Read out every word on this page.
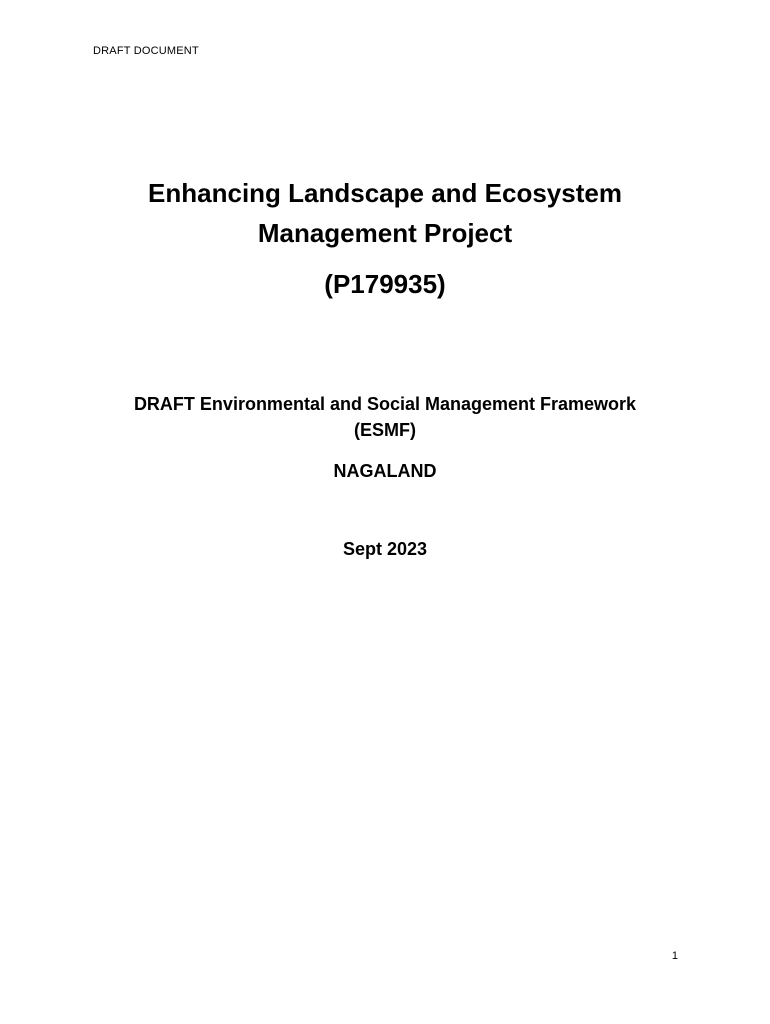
DRAFT DOCUMENT
Enhancing Landscape and Ecosystem
Management Project
(P179935)
DRAFT Environmental and Social Management Framework
(ESMF)
NAGALAND
Sept 2023
1
